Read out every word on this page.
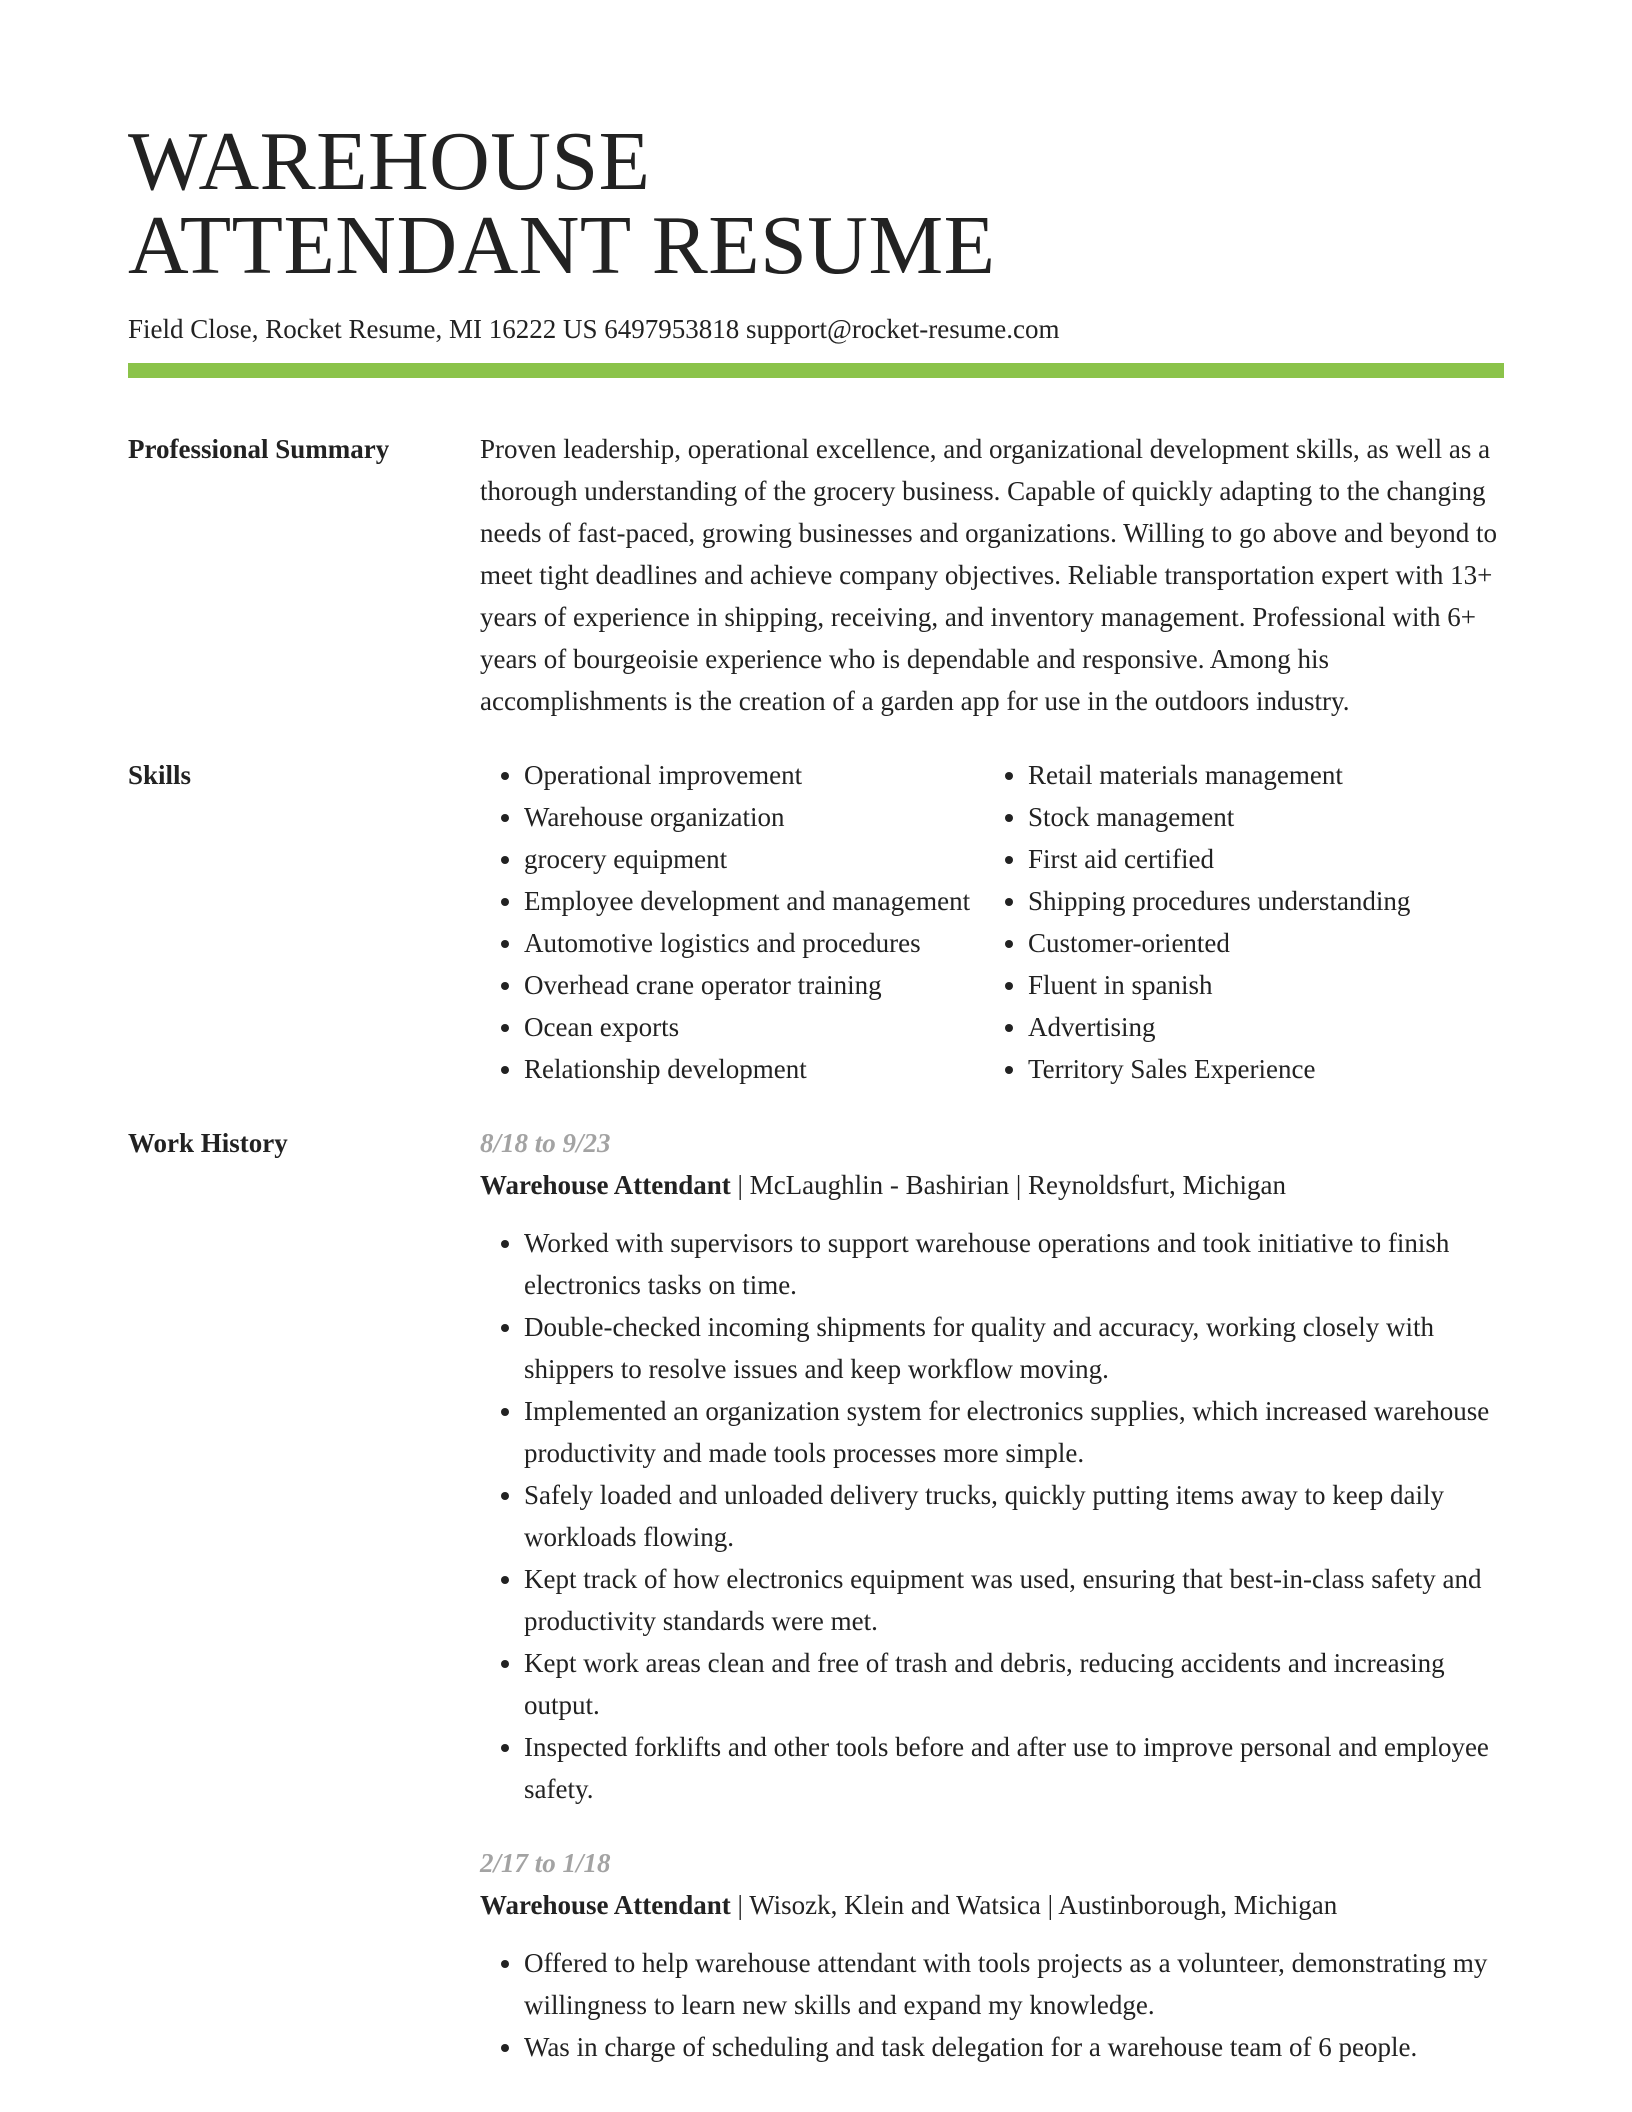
WAREHOUSE
ATTENDANT RESUME
Field Close, Rocket Resume, MI 16222 US 6497953818 support@rocket-resume.com
Professional Summary	Proven leadership, operational excellence, and organizational development skills, as well as a thorough understanding of the grocery business. Capable of quickly adapting to the changing needs of fast-paced, growing businesses and organizations. Willing to go above and beyond to meet tight deadlines and achieve company objectives. Reliable transportation expert with 13+ years of experience in shipping, receiving, and inventory management. Professional with 6+ years of bourgeoisie experience who is dependable and responsive. Among his accomplishments is the creation of a garden app for use in the outdoors industry.
Skills
•	Operational improvement
• Warehouse organization
• grocery equipment
• Employee development and management
• Automotive logistics and procedures
• Overhead crane operator training
• Ocean exports
• Relationship development
• Retail materials management
• Stock management
• First aid certified
• Shipping procedures understanding
• Customer-oriented
• Fluent in spanish
• Advertising
• Territory Sales Experience
Work History	8/18 to 9/23
Warehouse Attendant | McLaughlin - Bashirian | Reynoldsfurt, Michigan
• Worked with supervisors to support warehouse operations and took initiative to finish electronics tasks on time.
• Double-checked incoming shipments for quality and accuracy, working closely with shippers to resolve issues and keep workflow moving.
• Implemented an organization system for electronics supplies, which increased warehouse productivity and made tools processes more simple.
• Safely loaded and unloaded delivery trucks, quickly putting items away to keep daily workloads flowing.
• Kept track of how electronics equipment was used, ensuring that best-in-class safety and productivity standards were met.
• Kept work areas clean and free of trash and debris, reducing accidents and increasing output.
• Inspected forklifts and other tools before and after use to improve personal and employee safety.
2/17 to 1/18
Warehouse Attendant | Wisozk, Klein and Watsica | Austinborough, Michigan
• Offered to help warehouse attendant with tools projects as a volunteer, demonstrating my willingness to learn new skills and expand my knowledge.
• Was in charge of scheduling and task delegation for a warehouse team of 6 people.
